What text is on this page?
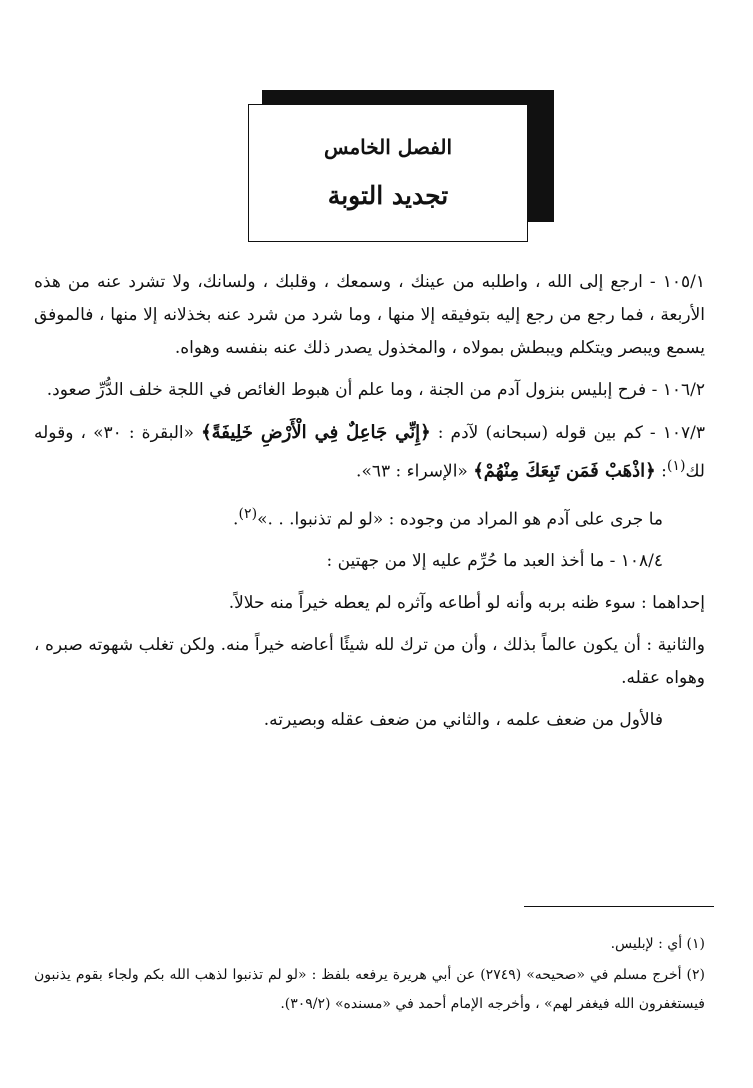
الفصل الخامس
تجديد التوبة

١٠٥/١ - ارجع إلى الله ، واطلبه من عينك ، وسمعك ، وقلبك ، ولسانك، ولا تشرد عنه من هذه الأربعة ، فما رجع من رجع إليه بتوفيقه إلا منها ، وما شرد من شرد عنه بخذلانه إلا منها ، فالموفق يسمع ويبصر ويتكلم ويبطش بمولاه ، والمخذول يصدر ذلك عنه بنفسه وهواه.

١٠٦/٢ - فرح إبليس بنزول آدم من الجنة ، وما علم أن هبوط الغائص في اللجة خلف الدُّرِّ صعود.

١٠٧/٣ - كم بين قوله (سبحانه) لآدم : ﴿إِنِّي جَاعِلٌ فِي الْأَرْضِ خَلِيفَةً﴾ «البقرة : ٣٠» ، وقوله لك$^{(١)}$: ﴿اذْهَبْ فَمَن تَبِعَكَ مِنْهُمْ﴾ «الإسراء : ٦٣».

ما جرى على آدم هو المراد من وجوده : «لو لم تذنبوا. . .»$^{(٢)}$.

١٠٨/٤ - ما أخذ العبد ما حُرِّم عليه إلا من جهتين :

إحداهما : سوء ظنه بربه وأنه لو أطاعه وآثره لم يعطه خيراً منه حلالاً.

والثانية : أن يكون عالماً بذلك ، وأن من ترك لله شيئًا أعاضه خيراً منه. ولكن تغلب شهوته صبره ، وهواه عقله.

فالأول من ضعف علمه ، والثاني من ضعف عقله وبصيرته.

(١) أي : لإبليس.

(٢) أخرج مسلم في «صحيحه» (٢٧٤٩) عن أبي هريرة يرفعه بلفظ : «لو لم تذنبوا لذهب الله بكم ولجاء بقوم يذنبون فيستغفرون الله فيغفر لهم» ، وأخرجه الإمام أحمد في «مسنده» (٣٠٩/٢).
